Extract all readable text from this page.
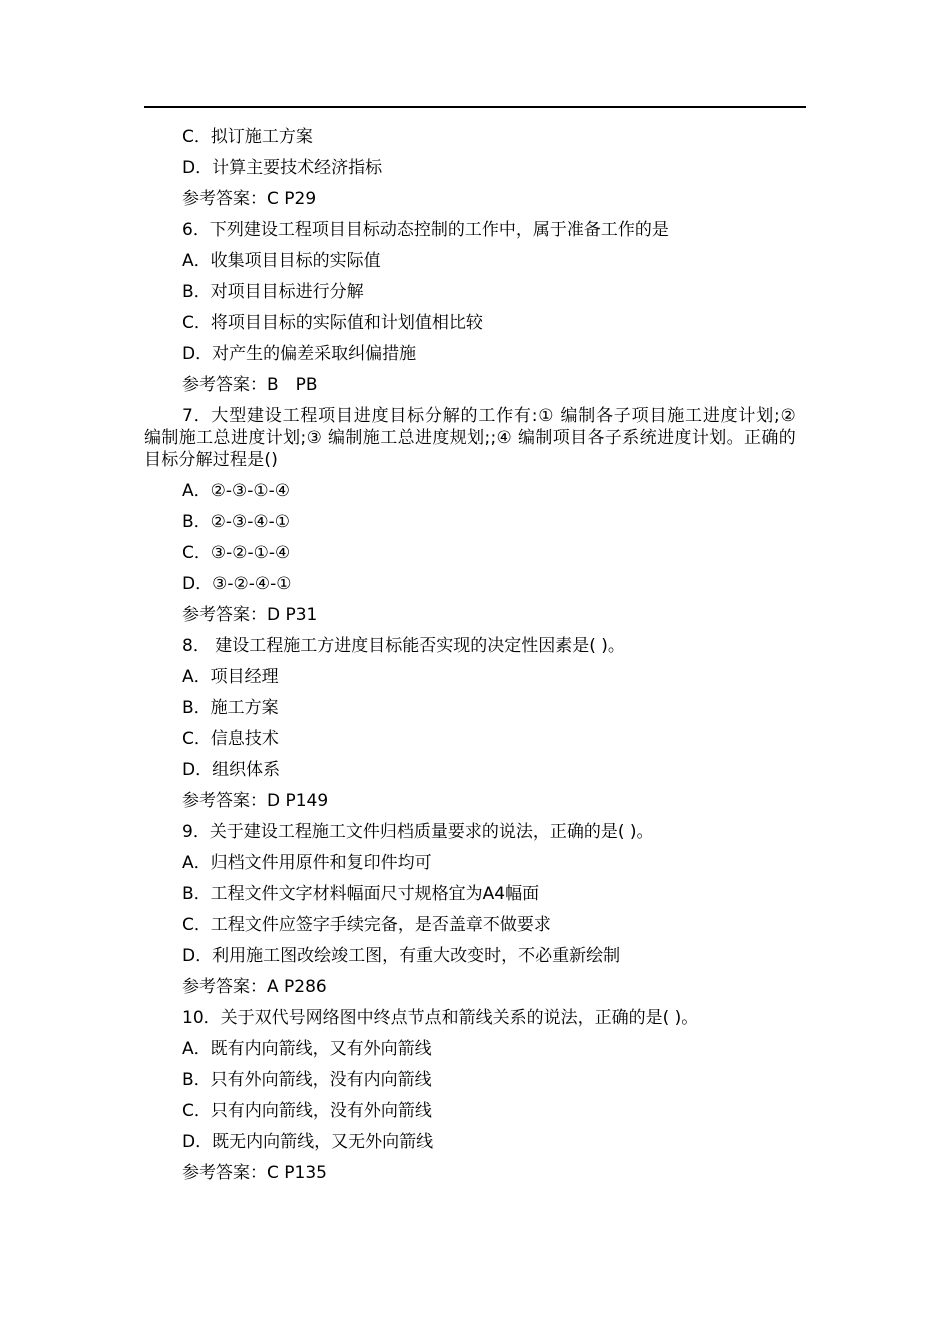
C．拟订施工方案
D．计算主要技术经济指标
参考答案：C P29
6．下列建设工程项目目标动态控制的工作中，属于准备工作的是
A．收集项目目标的实际值
B．对项目目标进行分解
C．将项目目标的实际值和计划值相比较
D．对产生的偏差采取纠偏措施
参考答案：B　PB
7．大型建设工程项目进度目标分解的工作有:① 编制各子项目施工进度计划;② 编制施工总进度计划;③ 编制施工总进度规划;;④ 编制项目各子系统进度计划。正确的目标分解过程是()
A．②-③-①-④
B．②-③-④-①
C．③-②-①-④
D．③-②-④-①
参考答案：D P31
8． 建设工程施工方进度目标能否实现的决定性因素是( )。
A．项目经理
B．施工方案
C．信息技术
D．组织体系
参考答案：D P149
9．关于建设工程施工文件归档质量要求的说法，正确的是( )。
A．归档文件用原件和复印件均可
B．工程文件文字材料幅面尺寸规格宜为A4幅面
C．工程文件应签字手续完备，是否盖章不做要求
D．利用施工图改绘竣工图，有重大改变时，不必重新绘制
参考答案：A P286
10．关于双代号网络图中终点节点和箭线关系的说法，正确的是( )。
A．既有内向箭线，又有外向箭线
B．只有外向箭线，没有内向箭线
C．只有内向箭线，没有外向箭线
D．既无内向箭线，又无外向箭线
参考答案：C P135
